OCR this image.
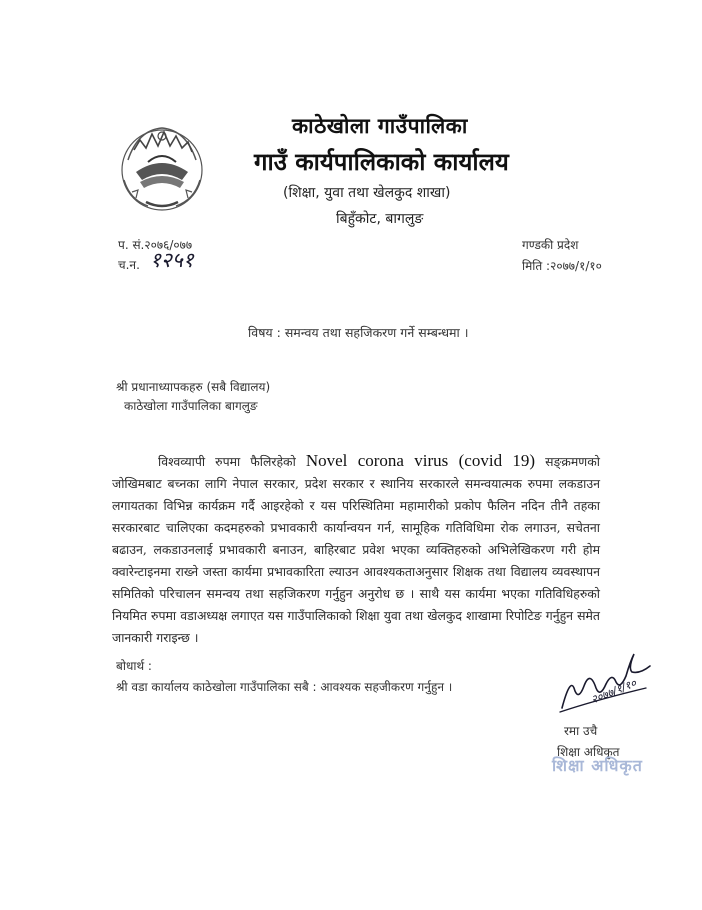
काठेखोला गाउँपालिका
गाउँ कार्यपालिकाको कार्यालय
(शिक्षा, युवा तथा खेलकुद शाखा)
बिहुँकोट, बागलुङ
प. सं.२०७६/०७७
च.न. १२५१
गण्डकी प्रदेश
मिति :२०७७/१/१०
विषय : समन्वय तथा सहजिकरण गर्ने सम्बन्धमा ।
श्री प्रधानाध्यापकहरु (सबै विद्यालय)
काठेखोला गाउँपालिका बागलुङ
विश्वव्यापी रुपमा फैलिरहेको Novel corona virus (covid 19) सङ्क्रमणको जोखिमबाट बच्नका लागि नेपाल सरकार, प्रदेश सरकार र स्थानिय सरकारले समन्वयात्मक रुपमा लकडाउन लगायतका विभिन्न कार्यक्रम गर्दै आइरहेको र यस परिस्थितिमा महामारीको प्रकोप फैलिन नदिन तीनै तहका सरकारबाट चालिएका कदमहरुको प्रभावकारी कार्यान्वयन गर्न, सामूहिक गतिविधिमा रोक लगाउन, सचेतना बढाउन, लकडाउनलाई प्रभावकारी बनाउन, बाहिरबाट प्रवेश भएका व्यक्तिहरुको अभिलेखिकरण गरी होम क्वारेन्टाइनमा राख्ने जस्ता कार्यमा प्रभावकारिता ल्याउन आवश्यकताअनुसार शिक्षक तथा विद्यालय व्यवस्थापन समितिको परिचालन समन्वय तथा सहजिकरण गर्नुहुन अनुरोध छ । साथै यस कार्यमा भएका गतिविधिहरुको नियमित रुपमा वडाअध्यक्ष लगाएत यस गाउँपालिकाको शिक्षा युवा तथा खेलकुद शाखामा रिपोटिङ गर्नुहुन समेत जानकारी गराइन्छ ।
बोधार्थ :
श्री वडा कार्यालय काठेखोला गाउँपालिका सबै : आवश्यक सहजीकरण गर्नुहुन ।	२०७७/१/१०
रमा उचै
शिक्षा अधिकृत
शिक्षा अधिकृत
